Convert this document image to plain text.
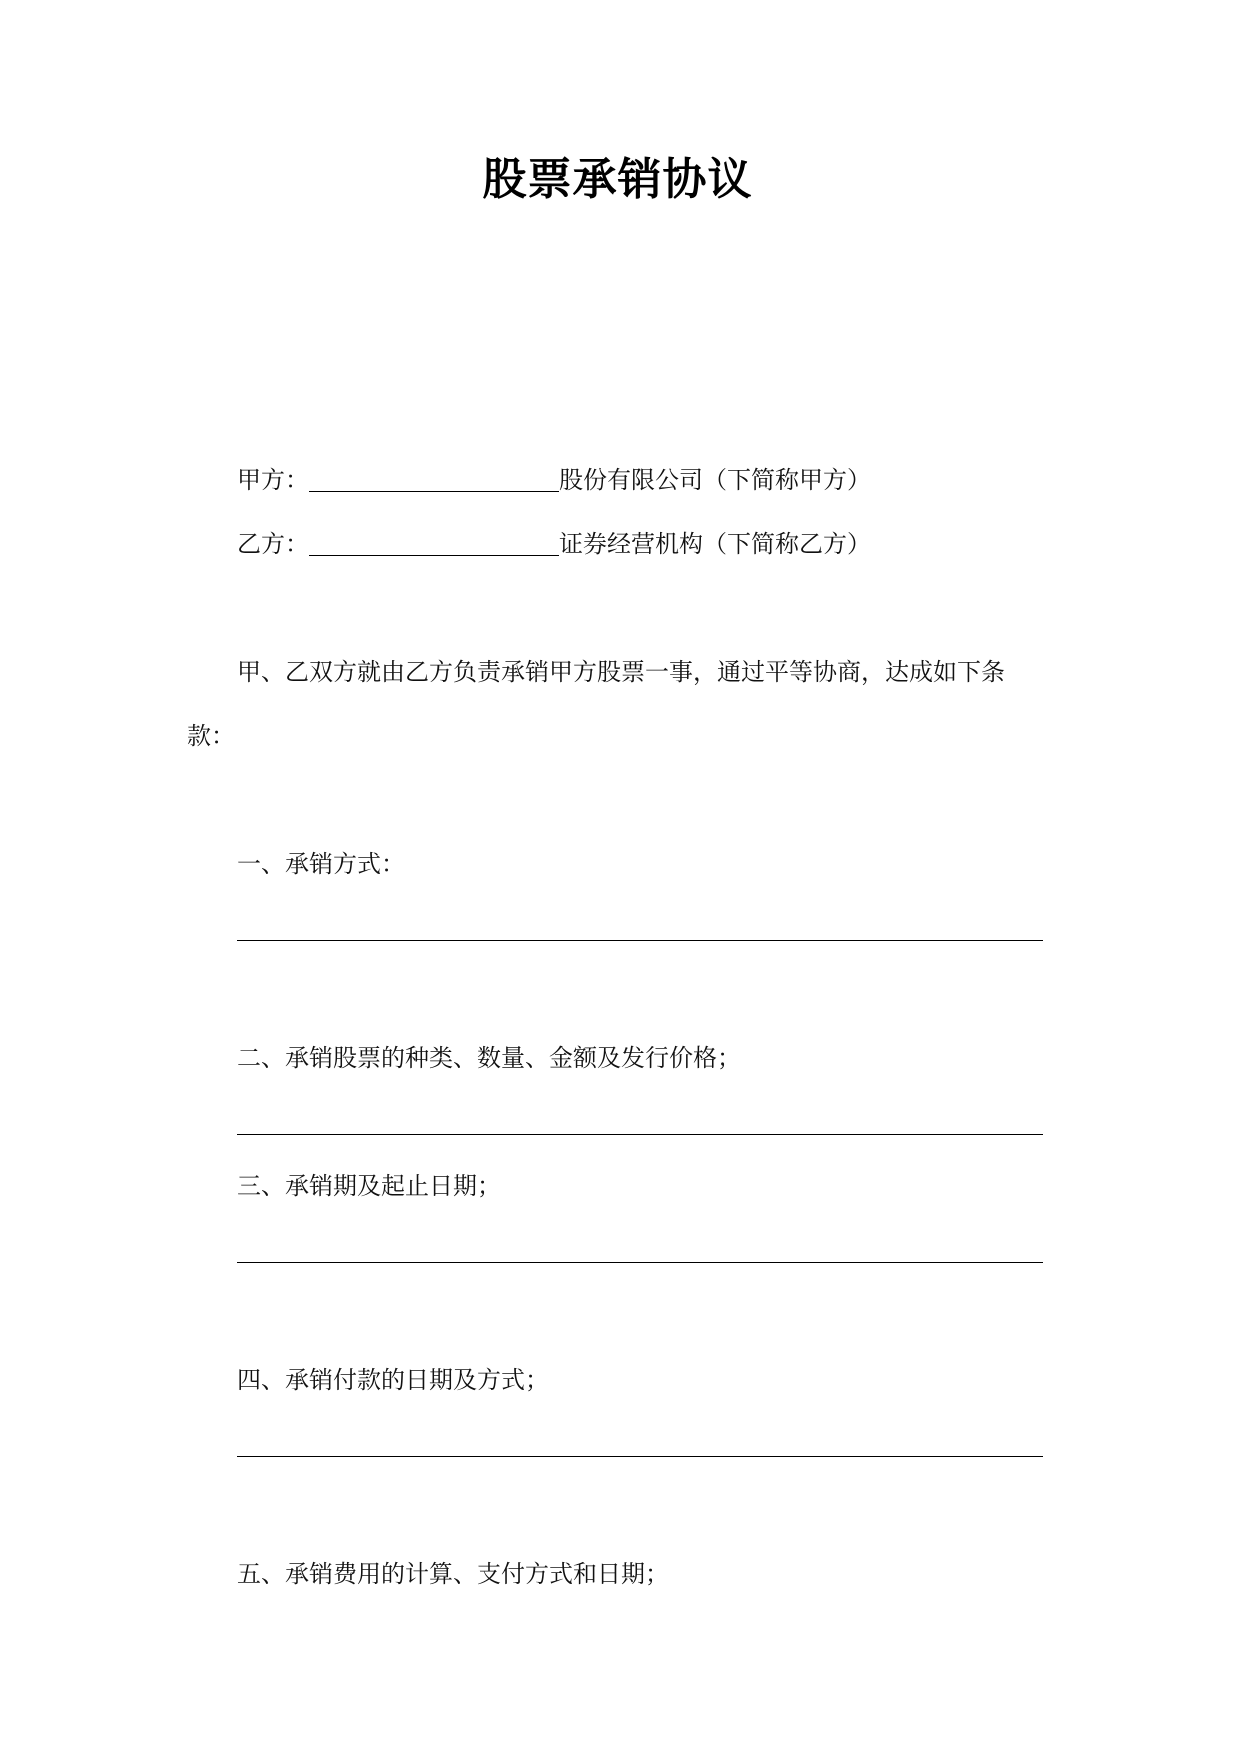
股票承销协议
甲方：	股份有限公司（下简称甲方）
乙方：	证券经营机构（下简称乙方）
甲、乙双方就由乙方负责承销甲方股票一事，通过平等协商，达成如下条
款：
一、承销方式：
二、承销股票的种类、数量、金额及发行价格；
三、承销期及起止日期；
四、承销付款的日期及方式；
五、承销费用的计算、支付方式和日期；
